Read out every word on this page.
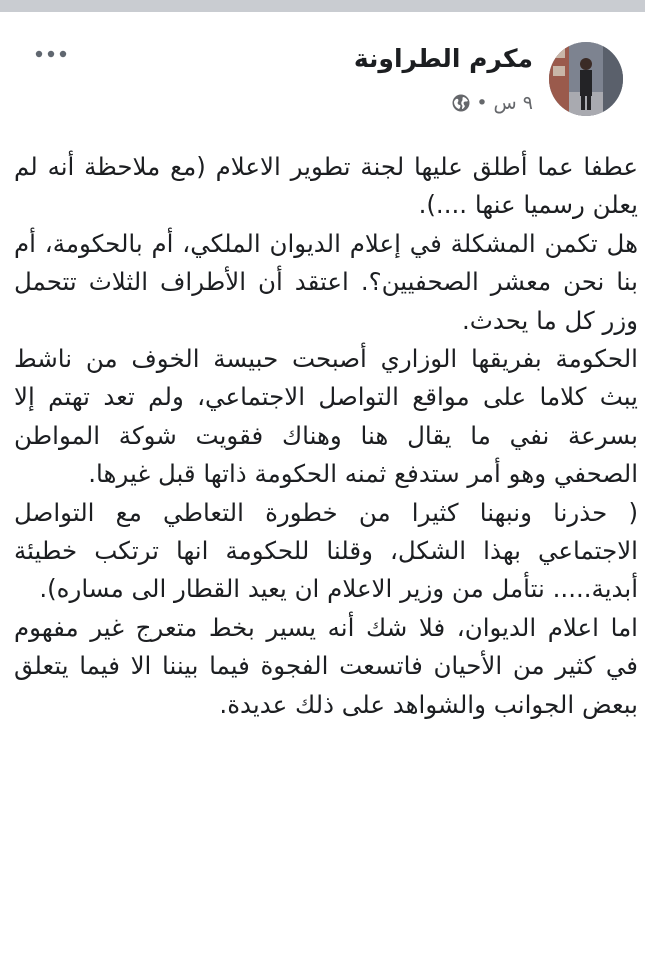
مكرم الطراونة
٩ س
•

عطفا عما أطلق عليها لجنة تطوير الاعلام (مع ملاحظة أنه لم يعلن رسميا عنها ....).

هل تكمن المشكلة في إعلام الديوان الملكي، أم بالحكومة، أم بنا نحن معشر الصحفيين؟. اعتقد أن الأطراف الثلاث تتحمل وزر كل ما يحدث.

الحكومة بفريقها الوزاري أصبحت حبيسة الخوف من ناشط يبث كلاما على مواقع التواصل الاجتماعي، ولم تعد تهتم إلا بسرعة نفي ما يقال هنا وهناك فقويت شوكة المواطن الصحفي وهو أمر ستدفع ثمنه الحكومة ذاتها قبل غيرها.

( حذرنا ونبهنا كثيرا من خطورة التعاطي مع التواصل الاجتماعي بهذا الشكل، وقلنا للحكومة انها ترتكب خطيئة أبدية..... نتأمل من وزير الاعلام ان يعيد القطار الى مساره).

اما اعلام الديوان، فلا شك أنه يسير بخط متعرج غير مفهوم في كثير من الأحيان فاتسعت الفجوة فيما بيننا الا فيما يتعلق ببعض الجوانب والشواهد على ذلك عديدة.
